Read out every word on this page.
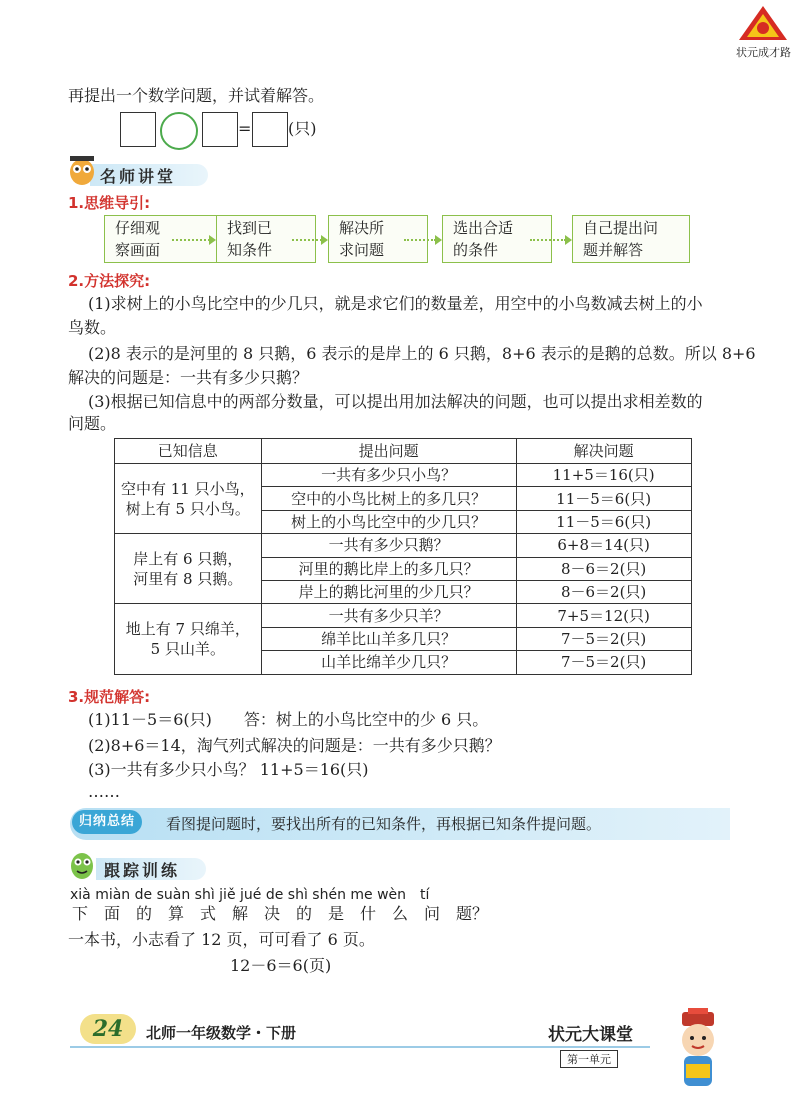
状元成才路
再提出一个数学问题，并试着解答。
= (只)
名师讲堂
1.思维导引:
仔细观
察画面
找到已
知条件
解决所
求问题
选出合适
的条件
自己提出问
题并解答
2.方法探究:
(1)求树上的小鸟比空中的少几只，就是求它们的数量差，用空中的小鸟数减去树上的小
鸟数。
(2)8 表示的是河里的 8 只鹅，6 表示的是岸上的 6 只鹅，8+6 表示的是鹅的总数。所以 8+6
解决的问题是：一共有多少只鹅？
(3)根据已知信息中的两部分数量，可以提出用加法解决的问题，也可以提出求相差数的
问题。
已知信息	提出问题	解决问题

空中有 11 只小鸟，
树上有 5 只小鸟。	一共有多少只小鸟？	11+5＝16(只)
	空中的小鸟比树上的多几只？	11－5＝6(只)
	树上的小鸟比空中的少几只？	11－5＝6(只)

岸上有 6 只鹅，
河里有 8 只鹅。	一共有多少只鹅？	6+8＝14(只)
	河里的鹅比岸上的多几只？	8－6＝2(只)
	岸上的鹅比河里的少几只？	8－6＝2(只)

地上有 7 只绵羊，
5 只山羊。	一共有多少只羊？	7+5＝12(只)
	绵羊比山羊多几只？	7－5＝2(只)
	山羊比绵羊少几只？	7－5＝2(只)
3.规范解答:
(1)11－5＝6(只)　　答：树上的小鸟比空中的少 6 只。
(2)8+6＝14，淘气列式解决的问题是：一共有多少只鹅？
(3)一共有多少只小鸟？ 11+5＝16(只)
……
归纳总结	看图提问题时，要找出所有的已知条件，再根据已知条件提问题。
跟踪训练
xià miàn de suàn shì jiě jué de shì shén me wèn　tí
下　面　的　算　式　解　决　的　是　什　么　问　题？
一本书，小志看了 12 页，可可看了 6 页。
12－6＝6(页)
24	北师一年级数学・下册	状元大课堂
第一单元
